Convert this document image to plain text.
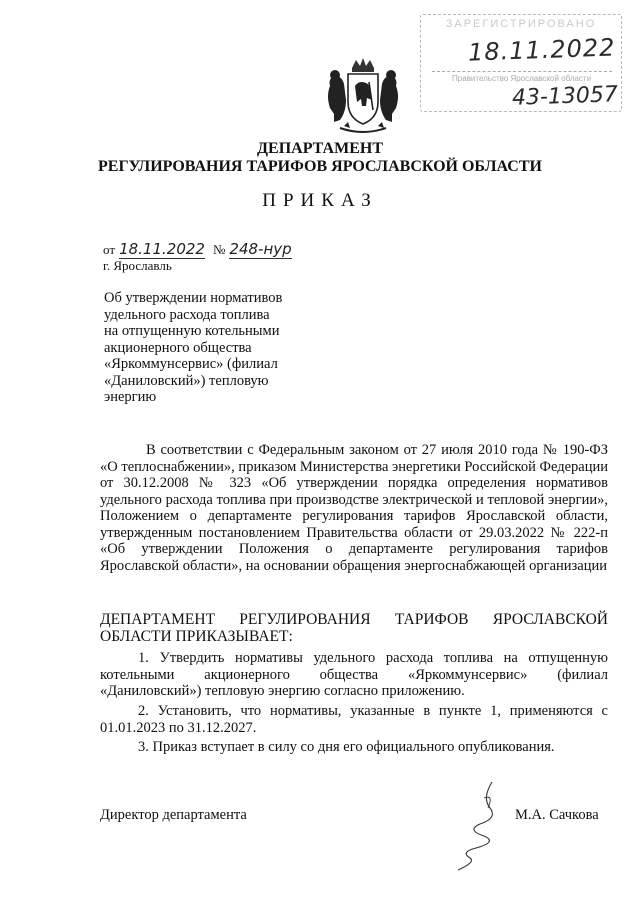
ЗАРЕГИСТРИРОВАНО
18.11.2022
Правительство Ярославской области
43-13057
ДЕПАРТАМЕНТ
РЕГУЛИРОВАНИЯ ТАРИФОВ ЯРОСЛАВСКОЙ ОБЛАСТИ
ПРИКАЗ
от 18.11.2022 № 248-нур
г. Ярославль
Об утверждении нормативов
удельного расхода топлива
на отпущенную котельными
акционерного общества
«Яркоммунсервис» (филиал
«Даниловский») тепловую
энергию
В соответствии с Федеральным законом от 27 июля 2010 года № 190-ФЗ «О теплоснабжении», приказом Министерства энергетики Российской Федерации от 30.12.2008 № 323 «Об утверждении порядка определения нормативов удельного расхода топлива при производстве электрической и тепловой энергии», Положением о департаменте регулирования тарифов Ярославской области, утвержденным постановлением Правительства области от 29.03.2022 № 222-п «Об утверждении Положения о департаменте регулирования тарифов Ярославской области», на основании обращения энергоснабжающей организации
ДЕПАРТАМЕНТ РЕГУЛИРОВАНИЯ ТАРИФОВ ЯРОСЛАВСКОЙ ОБЛАСТИ ПРИКАЗЫВАЕТ:
1. Утвердить нормативы удельного расхода топлива на отпущенную котельными акционерного общества «Яркоммунсервис» (филиал «Даниловский») тепловую энергию согласно приложению.
2. Установить, что нормативы, указанные в пункте 1, применяются с 01.01.2023 по 31.12.2027.
3. Приказ вступает в силу со дня его официального опубликования.
Директор департамента	М.А. Сачкова
